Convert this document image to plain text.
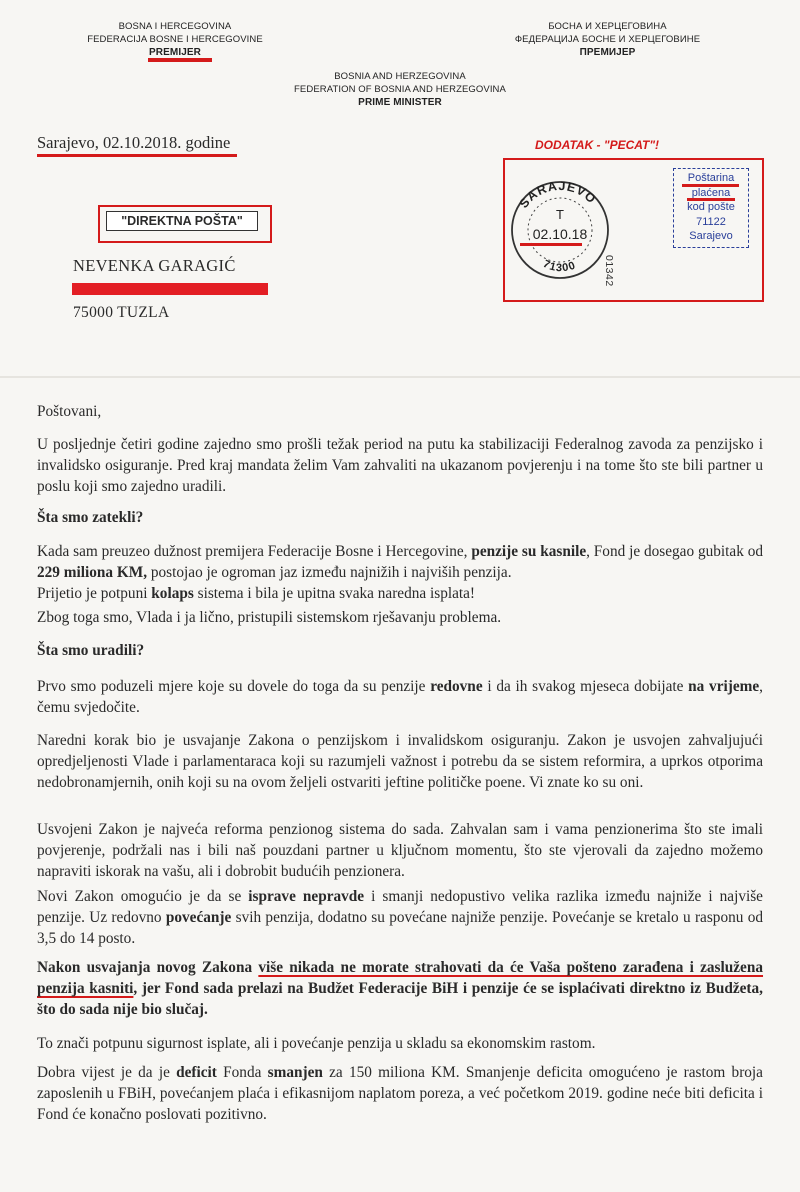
BOSNA I HERCEGOVINA
FEDERACIJA BOSNE I HERCEGOVINE
PREMIJER
БОСНА И ХЕРЦЕГОВИНА
ФЕДЕРАЦИЈА БОСНЕ И ХЕРЦЕГОВИНЕ
ПРЕМИЈЕР
BOSNIA AND HERZEGOVINA
FEDERATION OF BOSNIA AND HERZEGOVINA
PRIME MINISTER
Sarajevo, 02.10.2018. godine	DODATAK - "PECAT"!
"DIREKTNA POŠTA"
NEVENKA GARAGIĆ
75000 TUZLA
SARAJEVO
T
02.10.18
71300 01342
Poštarina
plaćena
kod pošte
71122
Sarajevo
Poštovani,
U posljednje četiri godine zajedno smo prošli težak period na putu ka stabilizaciji Federalnog zavoda za penzijsko i invalidsko osiguranje. Pred kraj mandata želim Vam zahvaliti na ukazanom povjerenju i na tome što ste bili partner u poslu koji smo zajedno uradili.
Šta smo zatekli?
Kada sam preuzeo dužnost premijera Federacije Bosne i Hercegovine, penzije su kasnile, Fond je dosegao gubitak od 229 miliona KM, postojao je ogroman jaz između najnižih i najviših penzija.
Prijetio je potpuni kolaps sistema i bila je upitna svaka naredna isplata!
Zbog toga smo, Vlada i ja lično, pristupili sistemskom rješavanju problema.
Šta smo uradili?
Prvo smo poduzeli mjere koje su dovele do toga da su penzije redovne i da ih svakog mjeseca dobijate na vrijeme, čemu svjedočite.
Naredni korak bio je usvajanje Zakona o penzijskom i invalidskom osiguranju. Zakon je usvojen zahvaljujući opredjeljenosti Vlade i parlamentaraca koji su razumjeli važnost i potrebu da se sistem reformira, a uprkos otporima nedobronamjernih, onih koji su na ovom željeli ostvariti jeftine političke poene. Vi znate ko su oni.
Usvojeni Zakon je najveća reforma penzionog sistema do sada. Zahvalan sam i vama penzionerima što ste imali povjerenje, podržali nas i bili naš pouzdani partner u ključnom momentu, što ste vjerovali da zajedno možemo napraviti iskorak na vašu, ali i dobrobit budućih penzionera.
Novi Zakon omogućio je da se isprave nepravde i smanji nedopustivo velika razlika između najniže i najviše penzije. Uz redovno povećanje svih penzija, dodatno su povećane najniže penzije. Povećanje se kretalo u rasponu od 3,5 do 14 posto.
Nakon usvajanja novog Zakona više nikada ne morate strahovati da će Vaša pošteno zarađena i zaslužena penzija kasniti, jer Fond sada prelazi na Budžet Federacije BiH i penzije će se isplaćivati direktno iz Budžeta, što do sada nije bio slučaj.
To znači potpunu sigurnost isplate, ali i povećanje penzija u skladu sa ekonomskim rastom.
Dobra vijest je da je deficit Fonda smanjen za 150 miliona KM. Smanjenje deficita omogućeno je rastom broja zaposlenih u FBiH, povećanjem plaća i efikasnijom naplatom poreza, a već početkom 2019. godine neće biti deficita i Fond će konačno poslovati pozitivno.
